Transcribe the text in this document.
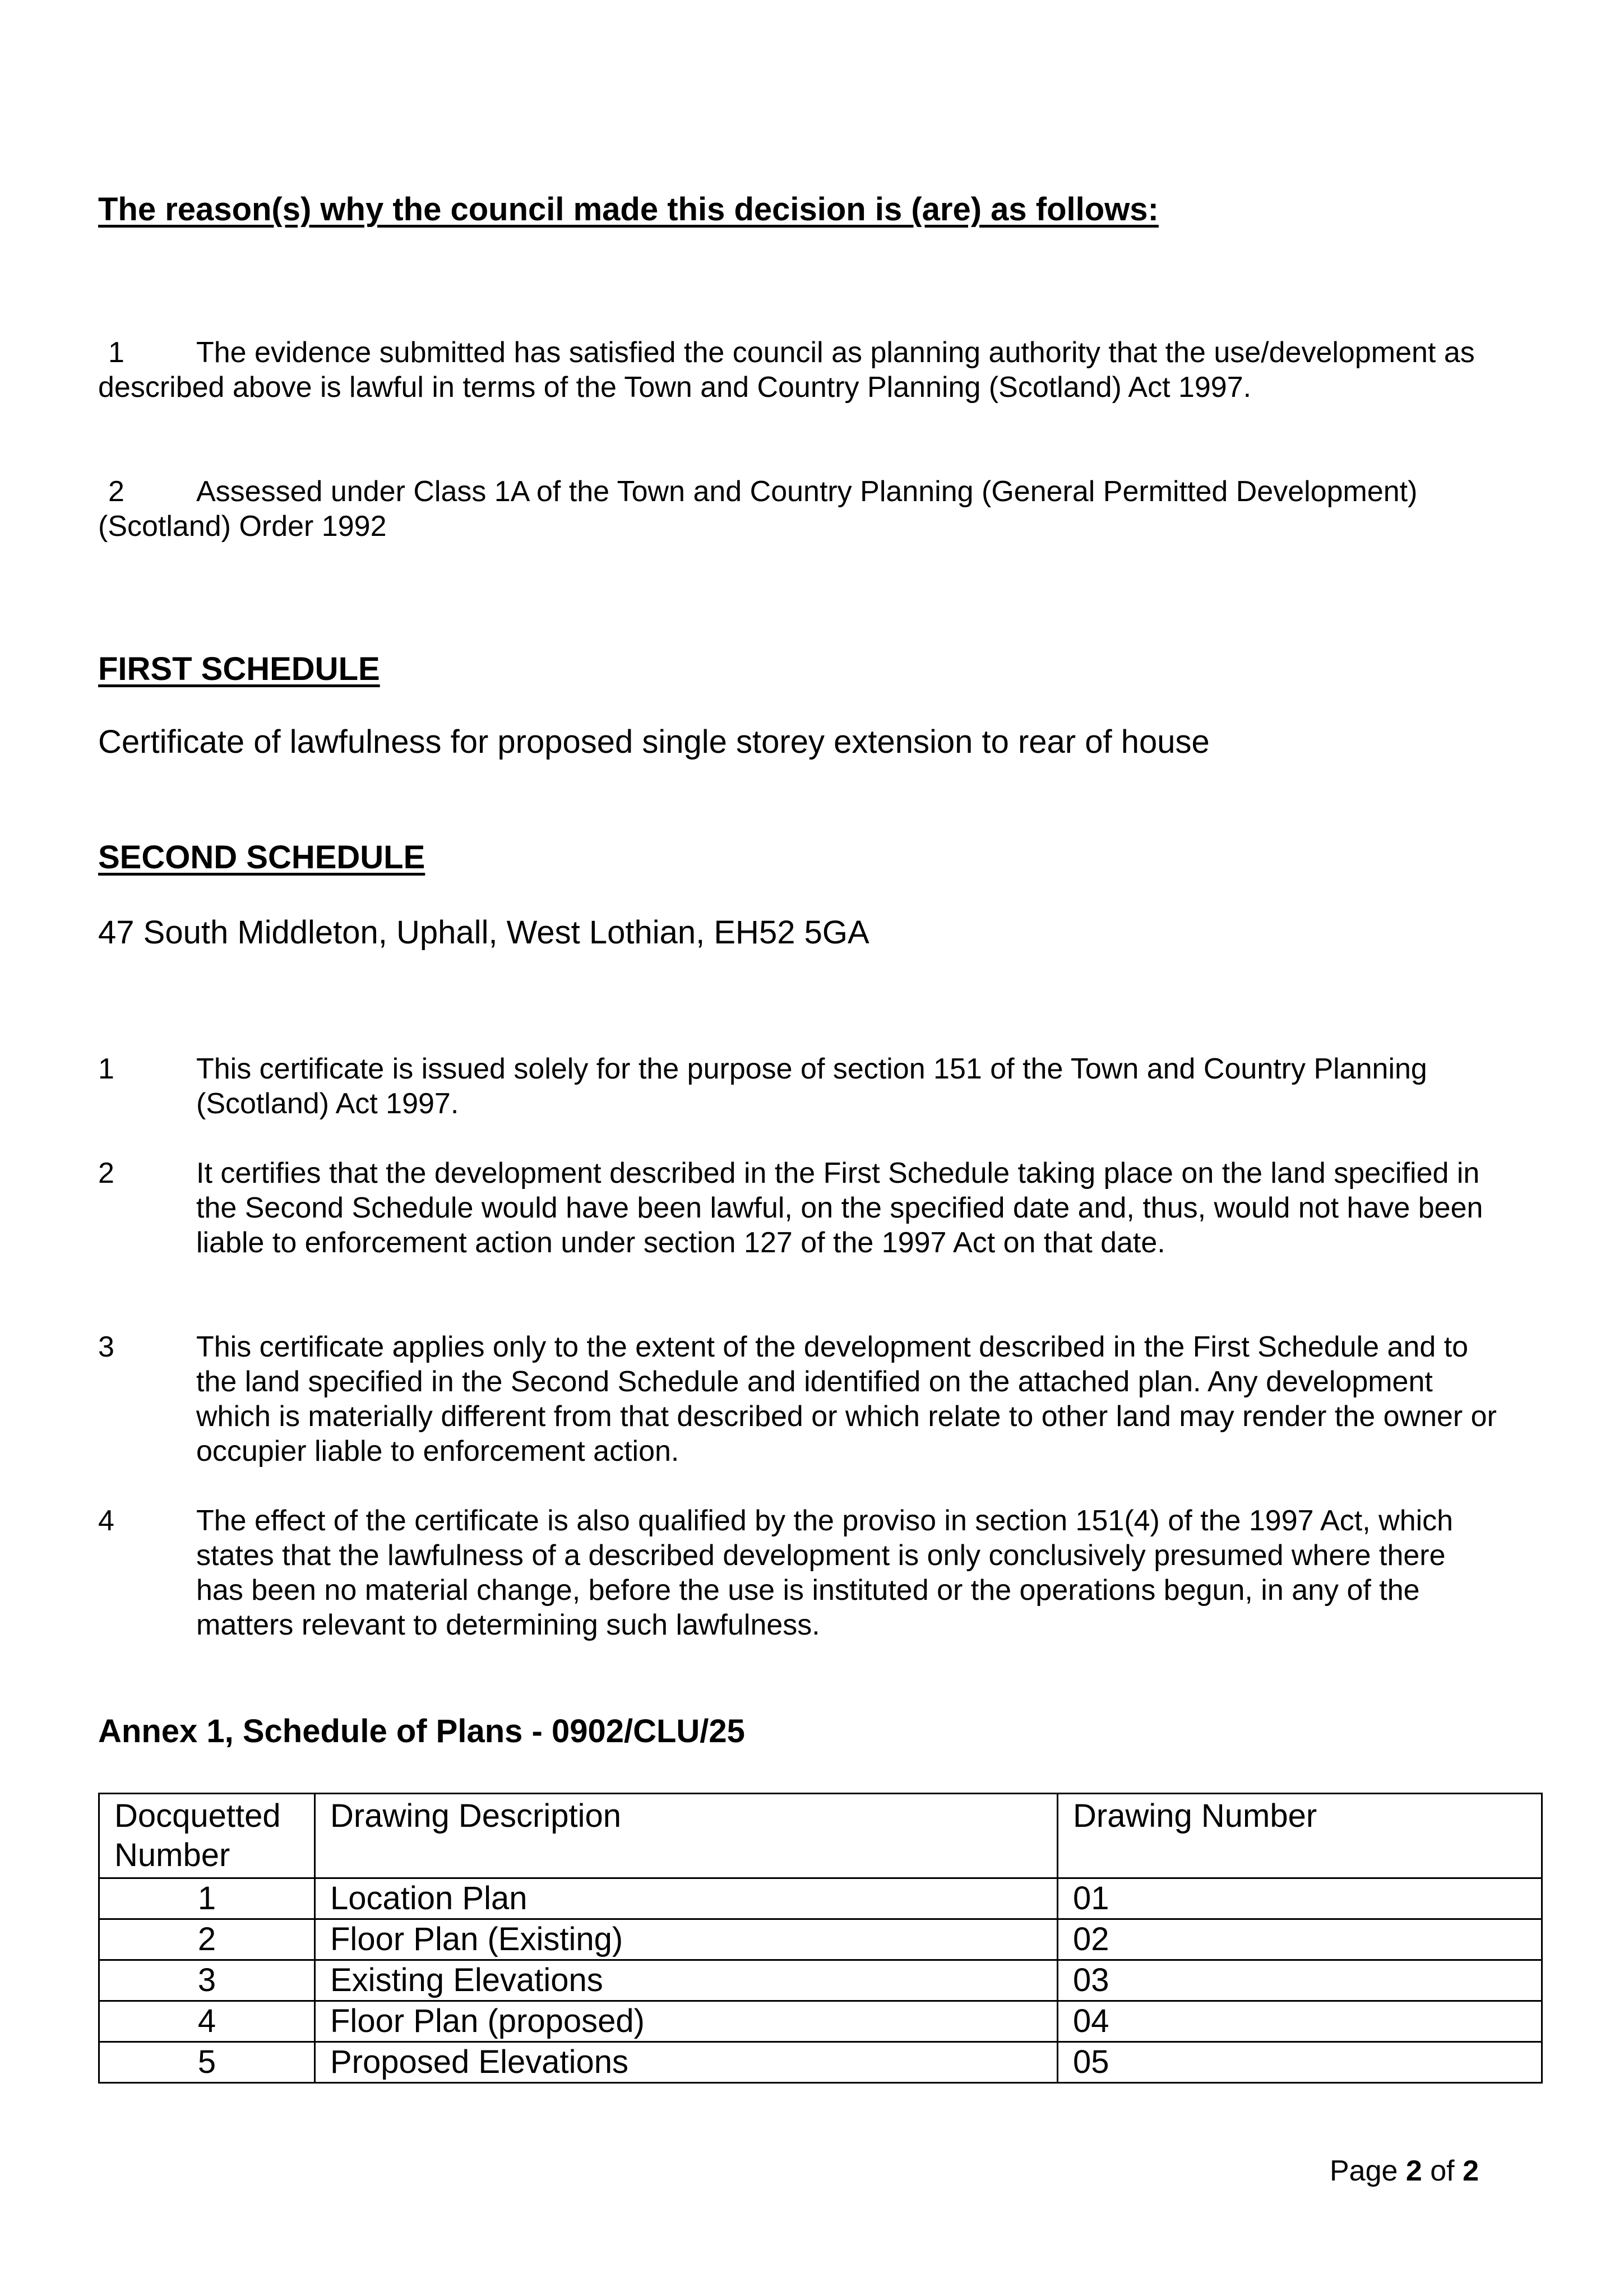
The reason(s) why the council made this decision is (are) as follows:
1 The evidence submitted has satisfied the council as planning authority that the use/development as described above is lawful in terms of the Town and Country Planning (Scotland) Act 1997.
2 Assessed under Class 1A of the Town and Country Planning (General Permitted Development)(Scotland) Order 1992
FIRST SCHEDULE
Certificate of lawfulness for proposed single storey extension to rear of house
SECOND SCHEDULE
47 South Middleton, Uphall, West Lothian, EH52 5GA
1	This certificate is issued solely for the purpose of section 151 of the Town and Country Planning (Scotland) Act 1997.
2	It certifies that the development described in the First Schedule taking place on the land specified in the Second Schedule would have been lawful, on the specified date and, thus, would not have been liable to enforcement action under section 127 of the 1997 Act on that date.
3	This certificate applies only to the extent of the development described in the First Schedule and to the land specified in the Second Schedule and identified on the attached plan. Any development which is materially different from that described or which relate to other land may render the owner or occupier liable to enforcement action.
4	The effect of the certificate is also qualified by the proviso in section 151(4) of the 1997 Act, which states that the lawfulness of a described development is only conclusively presumed where there has been no material change, before the use is instituted or the operations begun, in any of the matters relevant to determining such lawfulness.
Annex 1, Schedule of Plans - 0902/CLU/25
Docquetted Number	Drawing Description	Drawing Number
1	Location Plan	01
2	Floor Plan (Existing)	02
3	Existing Elevations	03
4	Floor Plan (proposed)	04
5	Proposed Elevations	05
Page 2 of 2
